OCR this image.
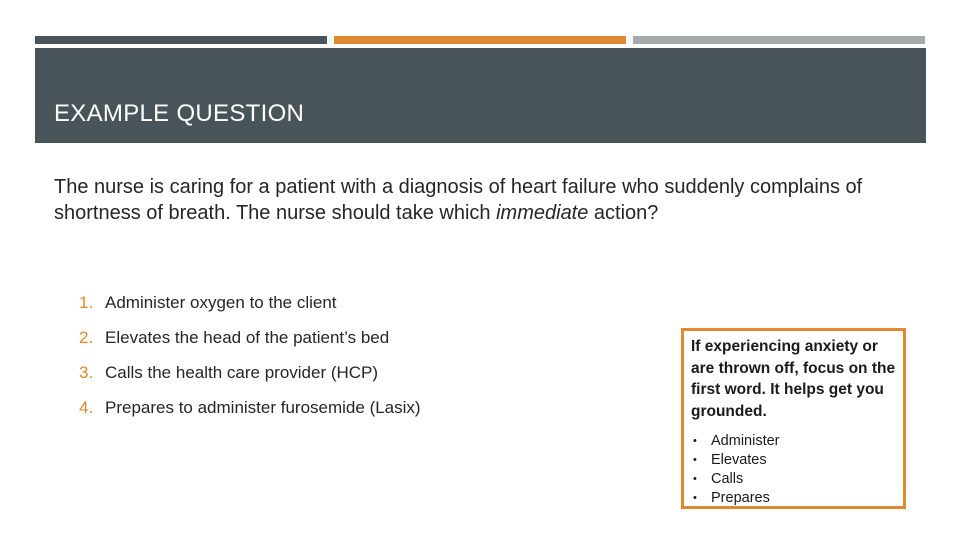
EXAMPLE QUESTION

The nurse is caring for a patient with a diagnosis of heart failure who suddenly complains of shortness of breath. The nurse should take which immediate action?

1. Administer oxygen to the client
2. Elevates the head of the patient’s bed
3. Calls the health care provider (HCP)
4. Prepares to administer furosemide (Lasix)

If experiencing anxiety or are thrown off, focus on the first word. It helps get you grounded.

• Administer
• Elevates
• Calls
• Prepares
